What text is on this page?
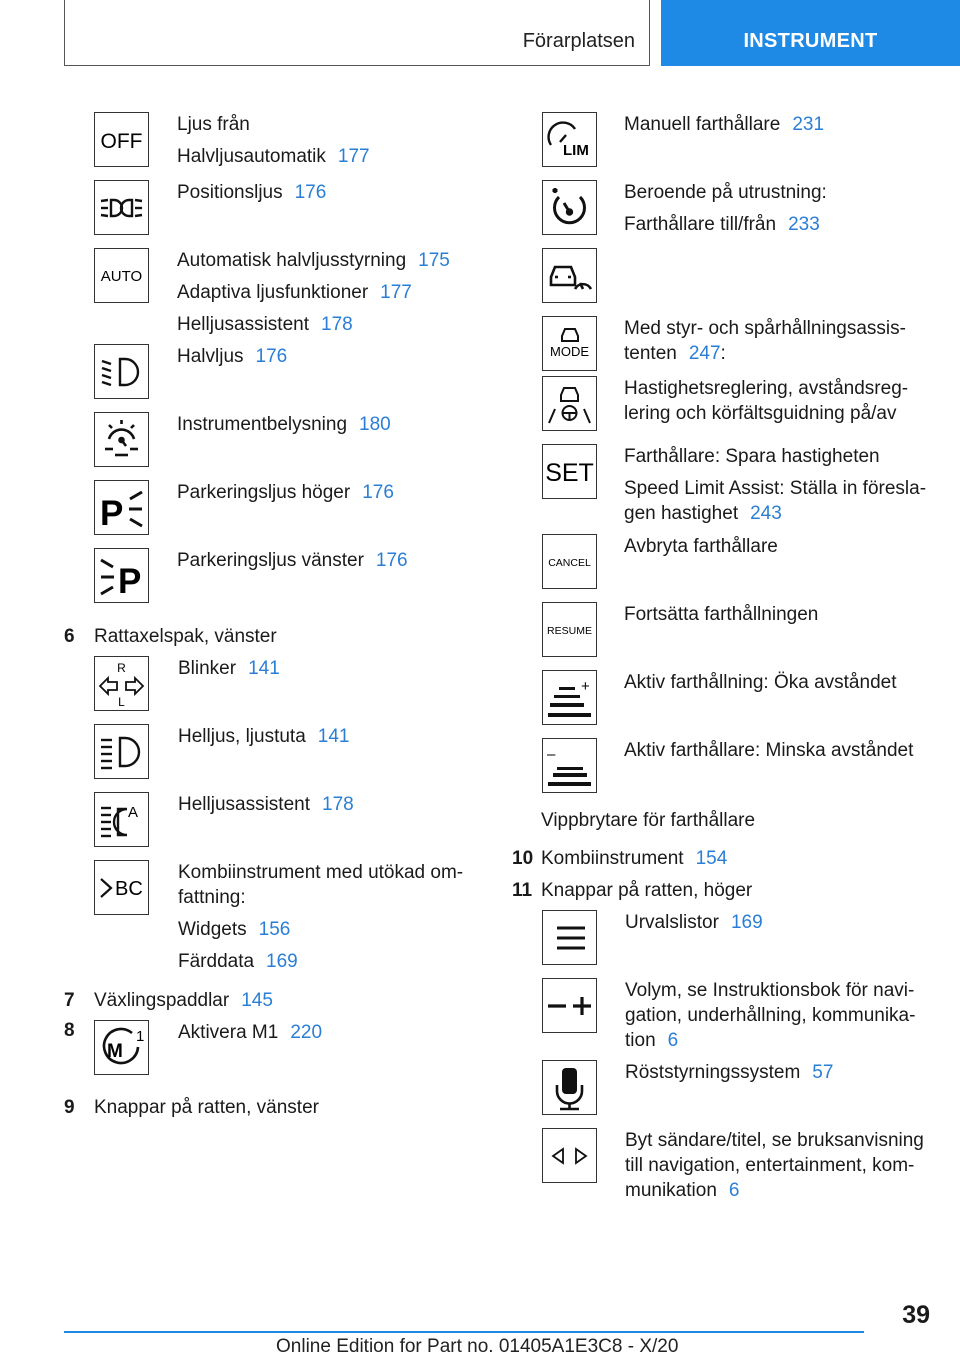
Förarplatsen	INSTRUMENT
OFF
Ljus från
Halvljusautomatik 177
Positionsljus 176
AUTO
Automatisk halvljusstyrning 175
Adaptiva ljusfunktioner 177
Helljusassistent 178
Halvljus 176
Instrumentbelysning 180
P
Parkeringsljus höger 176
P
Parkeringsljus vänster 176
6 Rattaxelspak, vänster
R
L
Blinker 141
Helljus, ljustuta 141
A Helljusassistent 178
BC
Kombiinstrument med utökad om-
fattning:
Widgets 156
Färddata 169
7 Växlingspaddlar 145
8
M
1 Aktivera M1 220
9 Knappar på ratten, vänster
LIM
Manuell farthållare 231
Beroende på utrustning:
Farthållare till/från 233
MODE
Med styr- och spårhållningsassis-
tenten 247:
Hastighetsreglering, avståndsreg-
lering och körfältsguidning på/av
SET
Farthållare: Spara hastigheten
Speed Limit Assist: Ställa in föresla-
gen hastighet 243
CANCEL
Avbryta farthållare
RESUME
Fortsätta farthållningen
+ Aktiv farthållning: Öka avståndet
–	Aktiv farthållare: Minska avståndet
Vippbrytare för farthållare
10 Kombiinstrument 154
11 Knappar på ratten, höger
Urvalslistor 169
Volym, se Instruktionsbok för navi-
gation, underhållning, kommunika-
tion 6
Röststyrningssystem 57
Byt sändare/titel, se bruksanvisning
till navigation, entertainment, kom-
munikation 6
39
Online Edition for Part no. 01405A1E3C8 - X/20
